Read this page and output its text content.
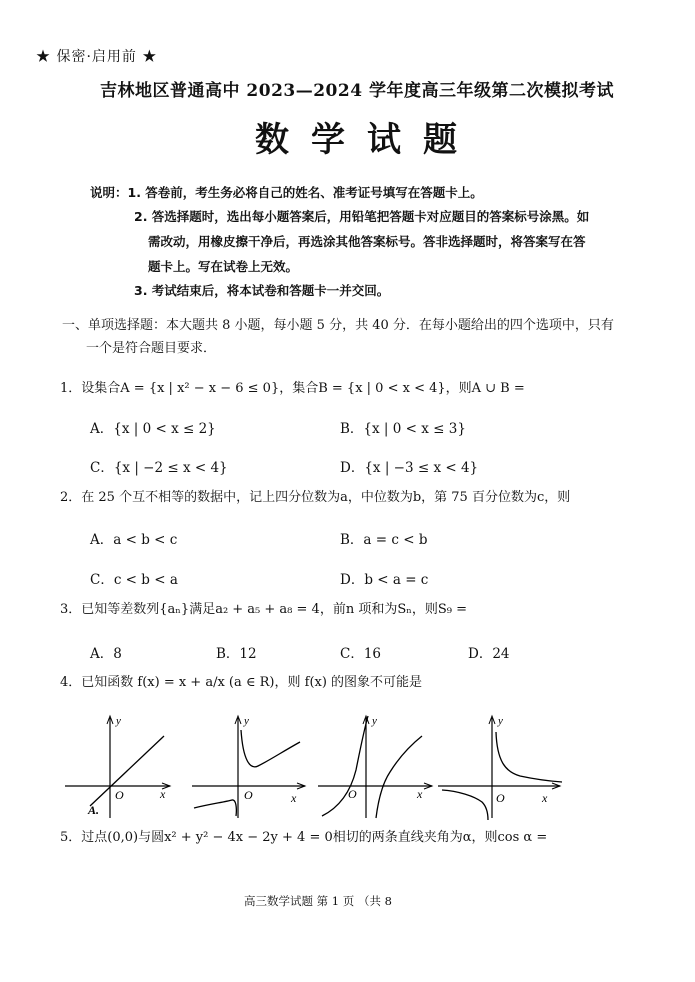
★ 保密·启用前 ★
吉林地区普通高中 2023—2024 学年度高三年级第二次模拟考试
数学试题
说明：1. 答卷前，考生务必将自己的姓名、准考证号填写在答题卡上。
2. 答选择题时，选出每小题答案后，用铅笔把答题卡对应题目的答案标号涂黑。如
需改动，用橡皮擦干净后，再选涂其他答案标号。答非选择题时，将答案写在答
题卡上。写在试卷上无效。
3. 考试结束后，将本试卷和答题卡一并交回。
一、单项选择题：本大题共 8 小题，每小题 5 分，共 40 分．在每小题给出的四个选项中，只有
一个是符合题目要求．
1．设集合A = {x | x² − x − 6 ≤ 0}，集合B = {x | 0 < x < 4}，则A ∪ B =
A．{x | 0 < x ≤ 2}	B．{x | 0 < x ≤ 3}
C．{x | −2 ≤ x < 4}	D．{x | −3 ≤ x < 4}
2．在 25 个互不相等的数据中，记上四分位数为a，中位数为b，第 75 百分位数为c，则
A．a < b < c	B．a = c < b
C．c < b < a	D．b < a = c
3．已知等差数列{aₙ}满足a₂ + a₅ + a₈ = 4，前n 项和为Sₙ，则S₉ =
A．8	B．12	C．16	D．24
4．已知函数 f(x) = x + a/x (a ∈ R)，则 f(x) 的图象不可能是
y
O	x
A.
y
O	x
y
O	x
y
O	x
5．过点(0,0)与圆x² + y² − 4x − 2y + 4 = 0相切的两条直线夹角为α，则cos α =
高三数学试题 第 1 页 （共 8
